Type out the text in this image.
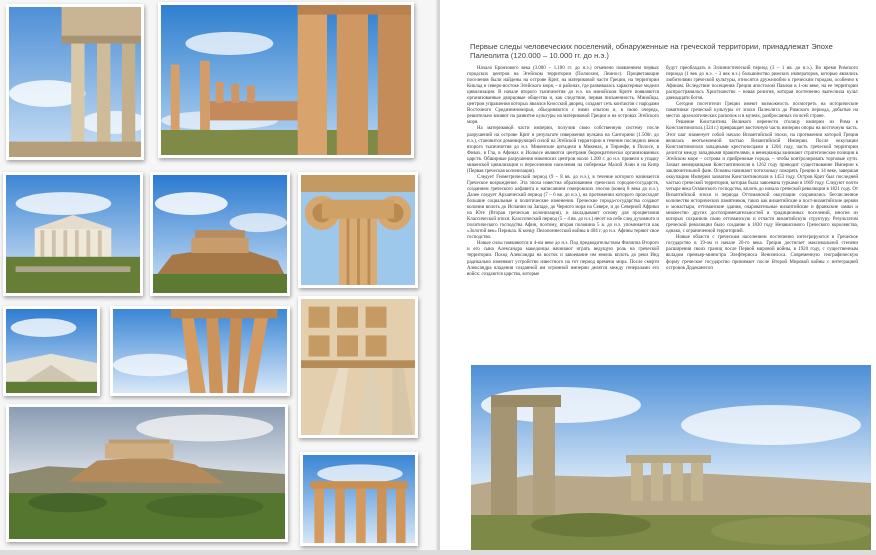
Первые следы человеческих поселений, обнаруженные на греческой территории, принадлежат Эпохе Палеолита (120.000 – 10.000 гг. до н.э.)

Начало Бронзового века (3.000 – 1.100 гг. до н.э.) отмечено появлением первых городских центров на Эгейском территории (Полиохни, Лемнос). Процветающие поселения были найдены на острове Крит, на материковой части Греции, на территории Киклад и северо-востоке Эгейского моря, – в районах, где развивалась характерные модели цивилизации. В начале второго тысячелетия до н.э. на минойском Крите появляются организованные дворцовые общества и, как следствие, первая письменность. Минойцы, центром управления которых являлся Кносский дворец, создают сеть контактов с народами Восточного Средиземноморья, объединяются с ними опытом и, в свою очередь, решительно влияют на развитие культуры на материковой Греции и на островах Эгейского моря.

На материковой части империи, получив свою собственную систему после разрушений на острове Крит в результате извержения вулкана на Санторини (1.500г. до н.э.), становится доминирующей силой на Эгейской территории в течение последних веков второго тысячелетия до н.э. Микенские цитадели в Микенах, в Тиринфе, в Пилосе, в Фивах, в Гла, в Афинах и Иолкосе являются центрами бюрократически организованных царств. Обширные разрушения микенских центров около 1.200 г. до н.э. привели к упадку микенской цивилизации и переселению населения на побережье Малой Азии и на Кипр (Первая греческая колонизация).

Следует Геометрический период (9 – 8 вв. до н.э.), в течение которого начинается Греческое возрождение. Эта эпоха известна образованием греческих городов-государств, созданием греческого алфавита и написанием гомеровских эпосов (конец 8 века до н.э.). Далее следует Архаический период (7 – 6 вв. до н.э.), на протяжении которого происходят большие социальные и политические изменения. Греческие города-государства создают колонии вплоть до Испании на Западе, до Черного моря на Севере, и до Северной Африки на Юге (Вторая греческая колонизация), и закладывают основу для процветания Классической эпохи. Классический период (5 – 4 вв. до н.э.) несет на себе след духовного и политического господства Афин, поэтому, вторая половина 5 в. до н.э. упоминается как «Золотой век» Перикла. К концу Пелопоннесской войны в 404 г. до н.э. Афины теряют свое господство.

Новые силы появляются в 4-ом веке до н.э. Под предводительством Филиппа Второго и его сына Александра македонцы начинают играть ведущую роль на греческой территории. Поход Александра на восток и завоевание им земель вплоть до реки Инд радикально изменяют устройство известного на тот период времени мира. После смерти Александра владения созданной им огромной империи делятся между генералами его войск: создаются царства, которые

будут преобладать в Эллинистический период (3 – 1 вв. до н.э.). Во время Римского периода (1 век до н.э. – 3 век н.э.) большинство римских императоров, которые являлись любителями греческой культуры, относятся дружелюбно к греческим городам, особенно к Афинам. Вследствие посещения Греции апостолом Павлом в 1-ом веке, на ее территории распространялось Христианство – новая религия, которая постепенно вытеснила культ двенадцати богов.

Сегодня посетители Греции имеют возможность посмотреть на исторические памятники греческой культуры от эпохи Палеолита до Римского периода, добытые на местах археологических раскопок и в музеях, разбросанных по всей стране.

Решение Константина Великого перенести столицу империи из Рима в Константинополь (324 г.) превращает восточную часть империи опоры на восточную часть. Этот шаг знаменует собой начало Византийской эпохи, на протяжении которой Греция являлась неотъемлемой частью Византийской Империи. После оккупации Константинополя западными крестоносцами в 1204 году, часть греческой территории делится между западными правителями, в венецианцы занимают стратегические позиции в Эгейском море – острова и прибрежные города, – чтобы контролировать торговые пути. Захват венецианцами Константинополя в 1262 году приводит существование Империи к заключительной фазе. Османы начинают потихоньку покорять Грецию в 14 веке, завершая оккупацию Империи захватом Константинополя в 1453 году. Остров Крит был последней частью греческой территории, которая была завоевана турками в 1669 году. Следуют почти четыре века Османского господства, вплоть до начала греческой революции в 1821 году. От Византийской эпохи и периода Оттоманской оккупации сохранились бесчисленное количество исторических памятников, таких как византийские и пост-византийские церкви и монастыри, оттоманские здания, очаровательные византийские и франкские замки и множество других достопримечательностей и традиционных поселений, многие из которых сохранили свою оттоманскую и отчасти византийскую структуру. Результатом греческой революции было создание в 1830 году Независимого Греческого королевства, однако, с ограниченной территорией.

Новые области с греческим населением постепенно интегрируются в Греческое государство в 19-ом и начале 20-го века. Греция достигает максимальной степени расширения своих границ после Первой мировой войны, в 1920 году, с существенным вкладом премьер-министра Элефтериоса Венизелоса. Современную географическую форму греческое государство принимает после Второй Мировой войны с интеграцией островов Додеканесоп
